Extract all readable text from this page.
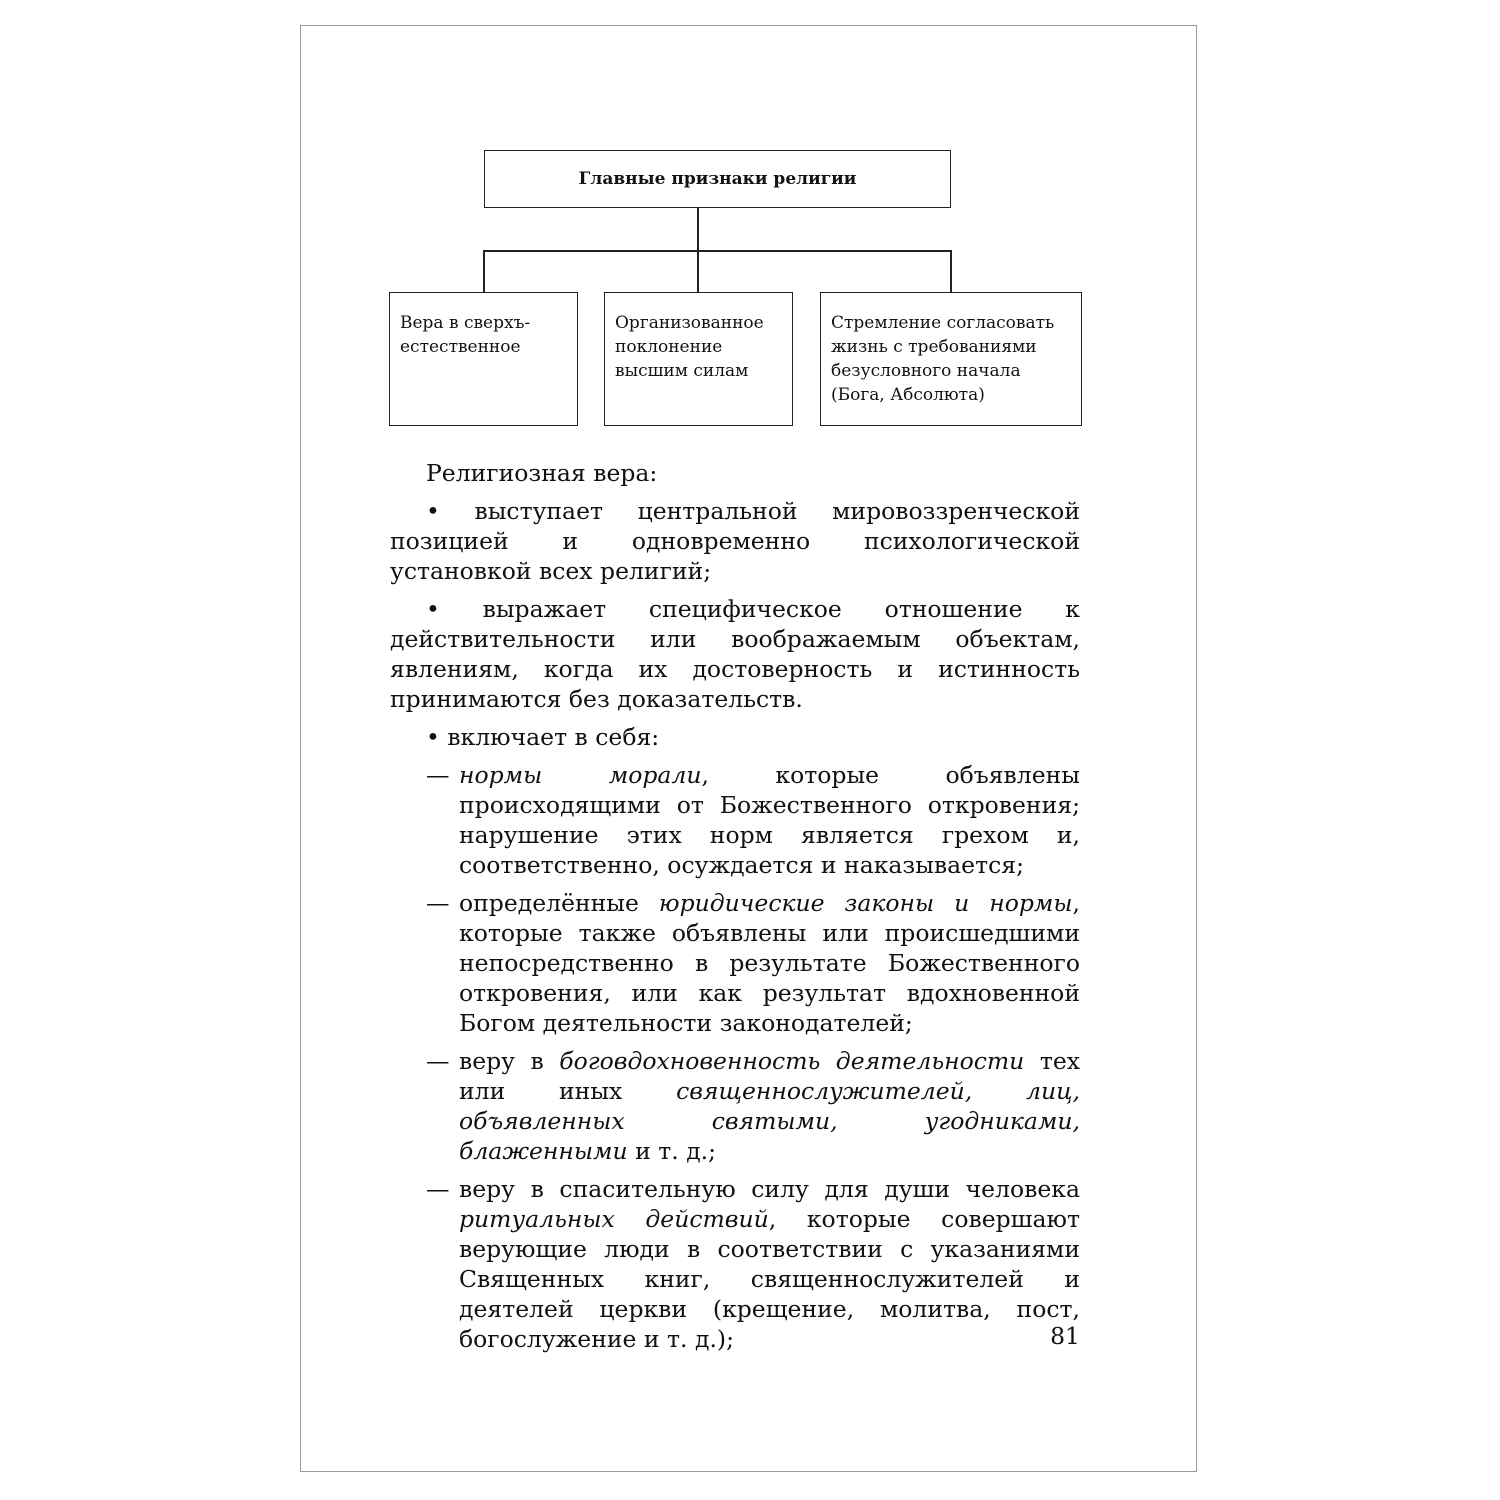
Главные признаки религии
Вера в сверхъ-
естественное
Организованное поклонение высшим силам
Стремление согласовать жизнь с требованиями безусловного начала (Бога, Абсолюта)

Религиозная вера:

• выступает центральной мировоззренческой позицией и одновременно психологической установкой всех религий;

• выражает специфическое отношение к действительности или воображаемым объектам, явлениям, когда их достоверность и истинность принимаются без доказательств.

• включает в себя:

— нормы морали, которые объявлены происходящими от Божественного откровения; нарушение этих норм является грехом и, соответственно, осуждается и наказывается;

— определённые юридические законы и нормы, которые также объявлены или происшедшими непосредственно в результате Божественного откровения, или как результат вдохновенной Богом деятельности законодателей;

— веру в боговдохновенность деятельности тех или иных священнослужителей, лиц, объявленных святыми, угодниками, блаженными и т. д.;

— веру в спасительную силу для души человека ритуальных действий, которые совершают верующие люди в соответствии с указаниями Священных книг, священнослужителей и деятелей церкви (крещение, молитва, пост, богослужение и т. д.);	81
